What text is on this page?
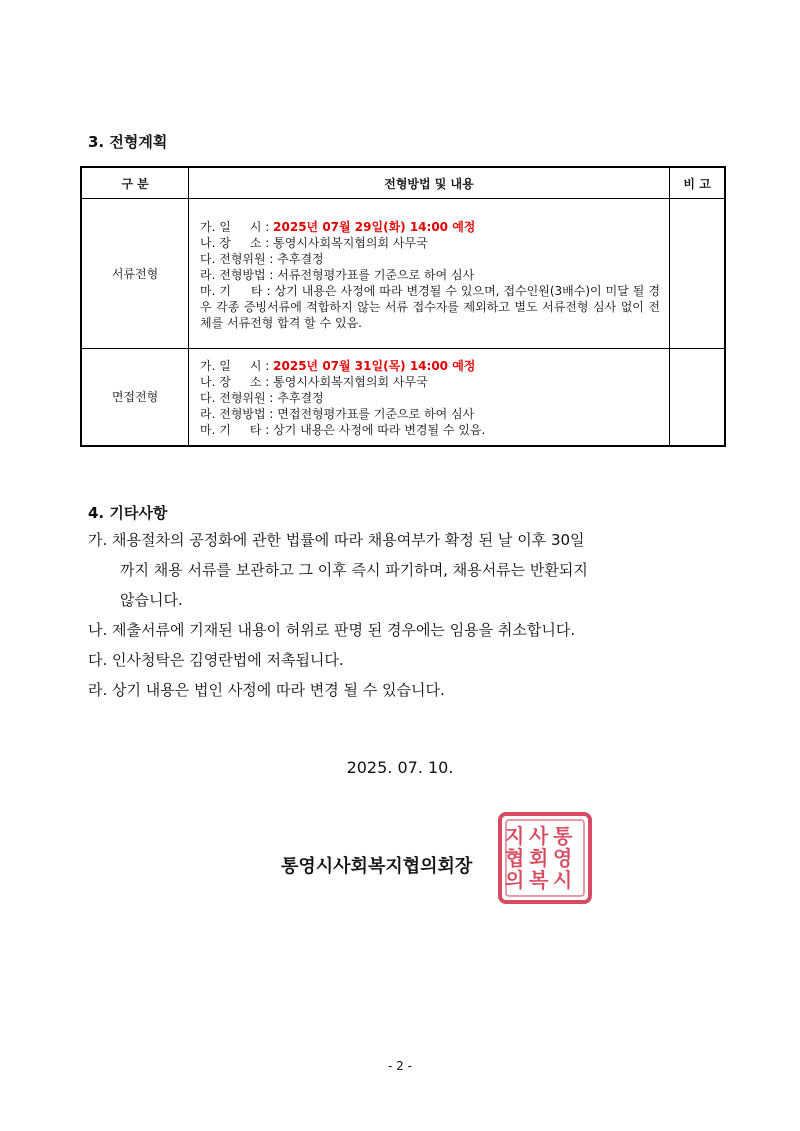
3. 전형계획
구 분	전형방법 및 내용	비 고
서류전형	가. 일     시 : 2025년 07월 29일(화) 14:00 예정
나. 장     소 : 통영시사회복지협의회 사무국
다. 전형위원 : 추후결정
라. 전형방법 : 서류전형평가표를 기준으로 하여 심사
마. 기     타 : 상기 내용은 사정에 따라 변경될 수 있으며, 접수인원(3배수)이 미달 될 경우 각종 증빙서류에 적합하지 않는 서류 접수자를 제외하고 별도 서류전형 심사 없이 전체를 서류전형 합격 할 수 있음.	

면접전형	가. 일     시 : 2025년 07월 31일(목) 14:00 예정
나. 장     소 : 통영시사회복지협의회 사무국
다. 전형위원 : 추후결정
라. 전형방법 : 면접전형평가표를 기준으로 하여 심사
마. 기     타 : 상기 내용은 사정에 따라 변경될 수 있음.	

4. 기타사항
가. 채용절차의 공정화에 관한 법률에 따라 채용여부가 확정 된 날 이후 30일
까지 채용 서류를 보관하고 그 이후 즉시 파기하며, 채용서류는 반환되지
않습니다.
나. 제출서류에 기재된 내용이 허위로 판명 된 경우에는 임용을 취소합니다.
다. 인사청탁은 김영란법에 저촉됩니다.
라. 상기 내용은 법인 사정에 따라 변경 될 수 있습니다.
2025. 07. 10.
통영시사회복지협의회장
통
영
시
사
회
복
지
협
의
- 2 -
